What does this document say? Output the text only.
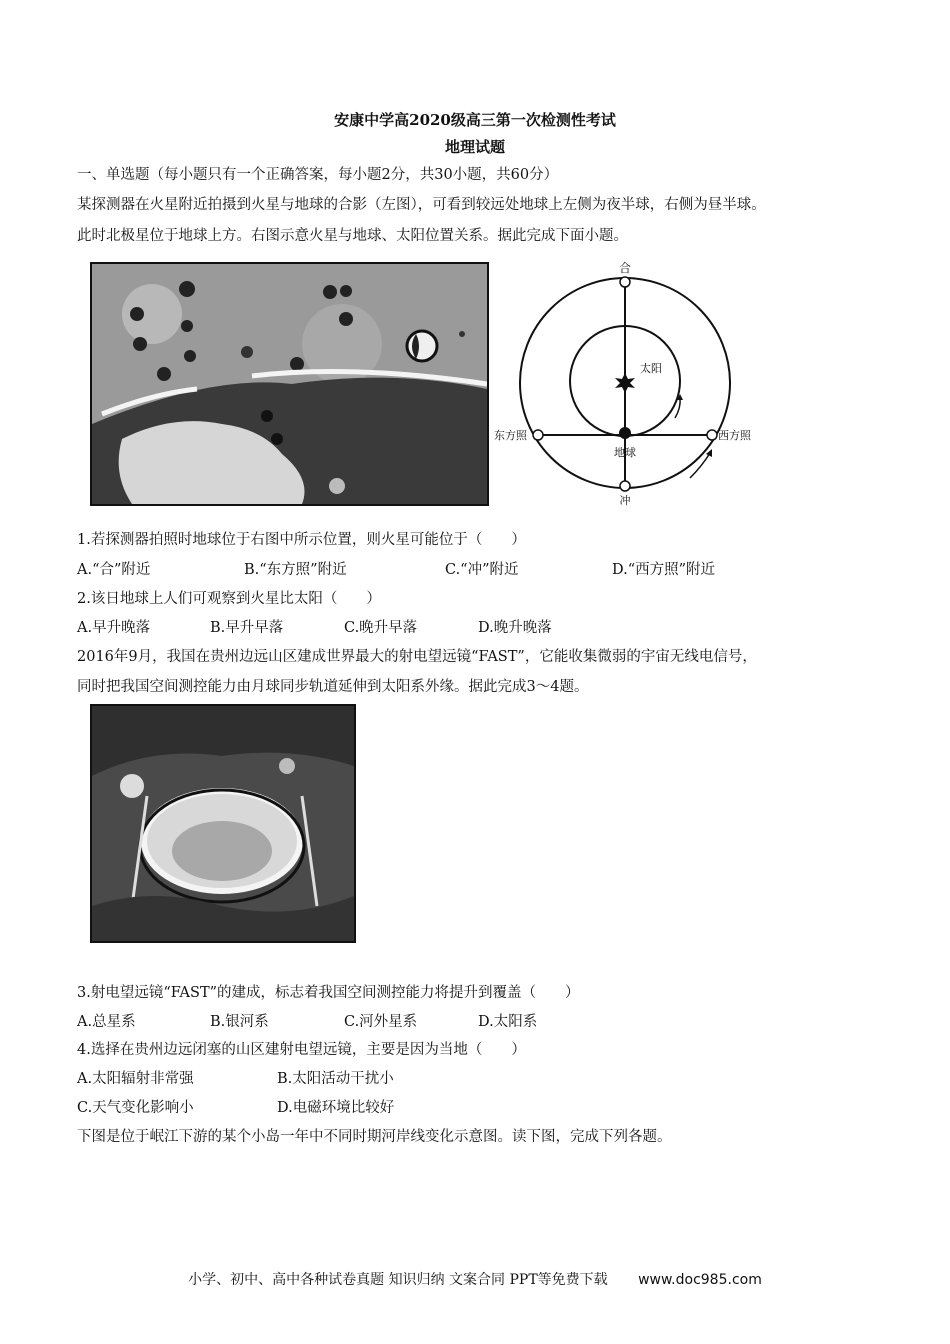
安康中学高2020级高三第一次检测性考试
地理试题
一、单选题（每小题只有一个正确答案，每小题2分，共30小题，共60分）
某探测器在火星附近拍摄到火星与地球的合影（左图），可看到较远处地球上左侧为夜半球，右侧为昼半球。
此时北极星位于地球上方。右图示意火星与地球、太阳位置关系。据此完成下面小题。
合
太阳
东方照	西方照
地球
冲
1.若探测器拍照时地球位于右图中所示位置，则火星可能位于（　　）
A.“合”附近	B.“东方照”附近	C.“冲”附近	D.“西方照”附近
2.该日地球上人们可观察到火星比太阳（　　）
A.早升晚落	B.早升早落	C.晚升早落	D.晚升晚落
2016年9月，我国在贵州边远山区建成世界最大的射电望远镜“FAST”，它能收集微弱的宇宙无线电信号，
同时把我国空间测控能力由月球同步轨道延伸到太阳系外缘。据此完成3～4题。
3.射电望远镜“FAST”的建成，标志着我国空间测控能力将提升到覆盖（　　）
A.总星系	B.银河系	C.河外星系	D.太阳系
4.选择在贵州边远闭塞的山区建射电望远镜，主要是因为当地（　　）
A.太阳辐射非常强	B.太阳活动干扰小
C.天气变化影响小	D.电磁环境比较好
下图是位于岷江下游的某个小岛一年中不同时期河岸线变化示意图。读下图，完成下列各题。
小学、初中、高中各种试卷真题 知识归纳 文案合同 PPT等免费下载 www.doc985.com
